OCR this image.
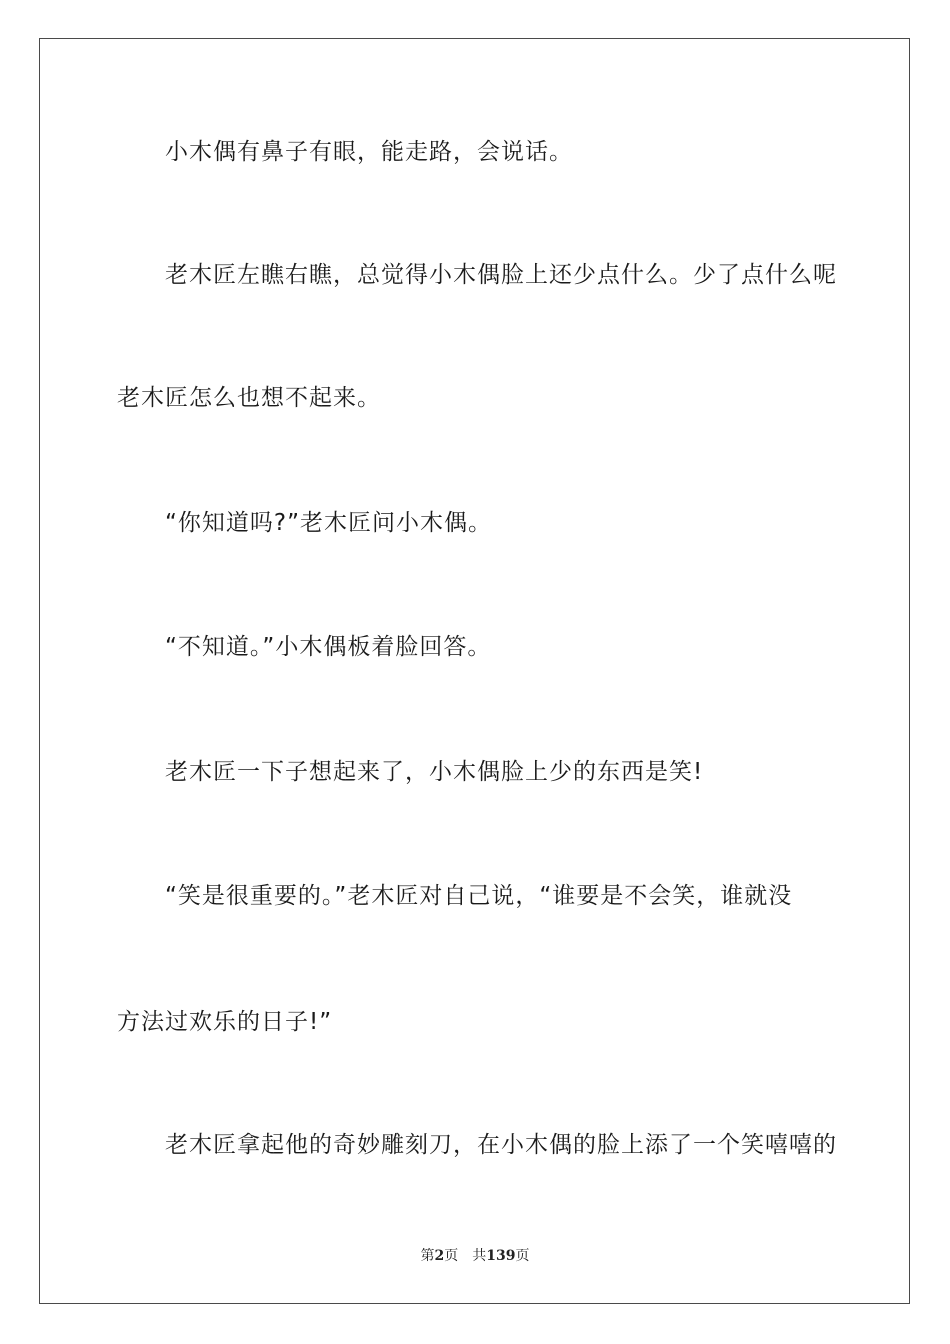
小木偶有鼻子有眼，能走路，会说话。
老木匠左瞧右瞧，总觉得小木偶脸上还少点什么。少了点什么呢
老木匠怎么也想不起来。
“你知道吗?”老木匠问小木偶。
“不知道。”小木偶板着脸回答。
老木匠一下子想起来了，小木偶脸上少的东西是笑!
“笑是很重要的。”老木匠对自己说，“谁要是不会笑，谁就没
方法过欢乐的日子!”
老木匠拿起他的奇妙雕刻刀，在小木偶的脸上添了一个笑嘻嘻的
第2页 共139页
